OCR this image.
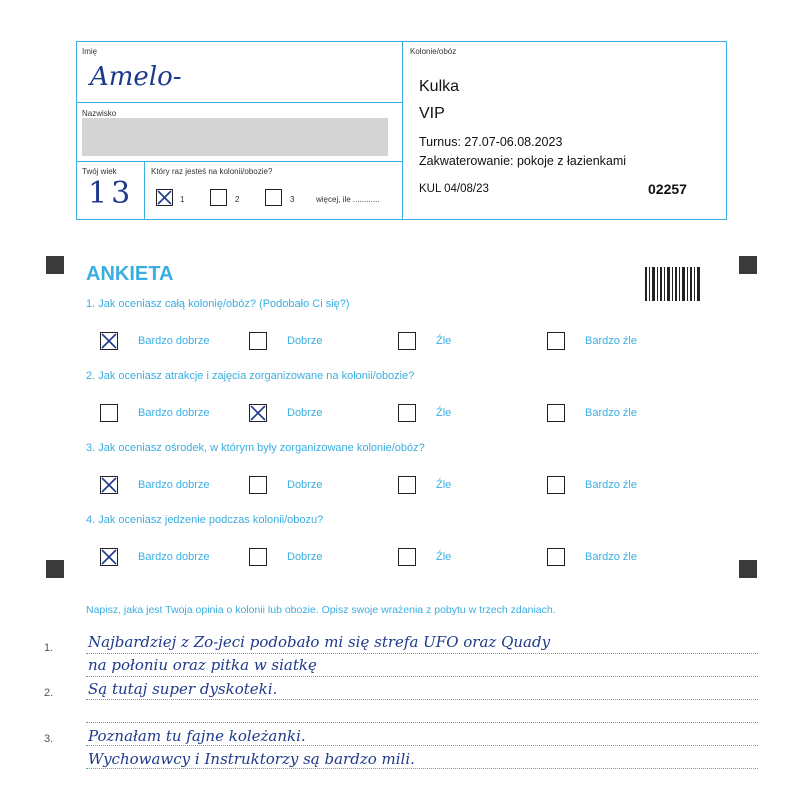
Imię
Amelo-
Nazwisko
Twój wiek
13
Który raz jesteś na kolonii/obozie?
1	2	3	więcej, ile ............
Kolonie/obóz
Kulka
VIP
Turnus: 27.07-06.08.2023
Zakwaterowanie: pokoje z łazienkami
KUL 04/08/23	02257
ANKIETA
1. Jak oceniasz całą kolonię/obóz? (Podobało Ci się?)
Bardzo dobrze	Dobrze	Źle	Bardzo źle
2. Jak oceniasz atrakcje i zajęcia zorganizowane na kolonii/obozie?
Bardzo dobrze	Dobrze	Źle	Bardzo źle
3. Jak oceniasz ośrodek, w którym były zorganizowane kolonie/obóz?
Bardzo dobrze	Dobrze	Źle	Bardzo źle
4. Jak oceniasz jedzenie podczas kolonii/obozu?
Bardzo dobrze	Dobrze	Źle	Bardzo źle
Napisz, jaka jest Twoja opinia o kolonii lub obozie. Opisz swoje wrażenia z pobytu w trzech zdaniach.
1.
2.
3.
Najbardziej z Zo-jeci podobało mi się strefa UFO oraz Quady
na połoniu oraz pitka w siatkę
Są tutaj super dyskoteki.
Poznałam tu fajne koleżanki.
Wychowawcy i Instruktorzy są bardzo mili.
